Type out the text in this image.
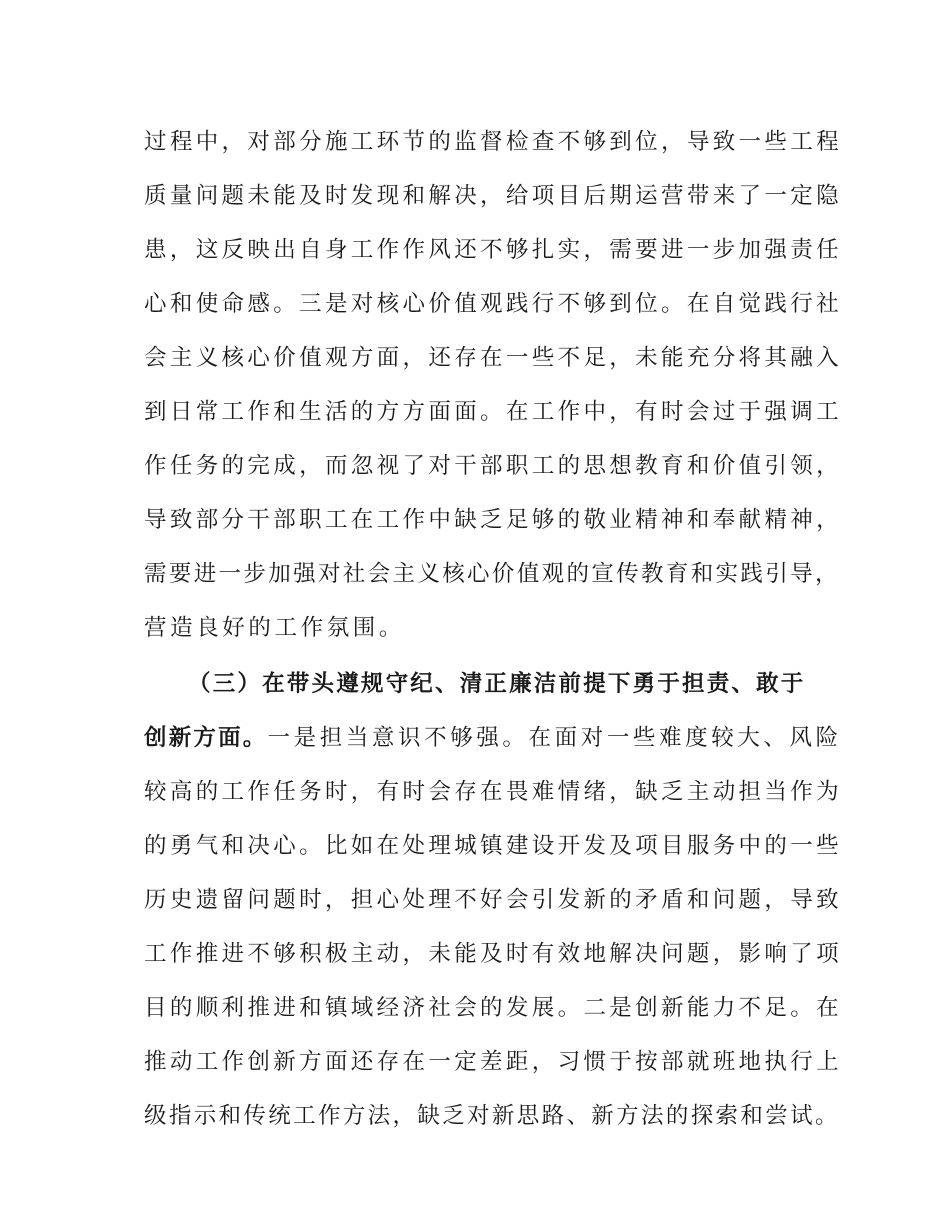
过程中，对部分施工环节的监督检查不够到位，导致一些工程
质量问题未能及时发现和解决，给项目后期运营带来了一定隐
患，这反映出自身工作作风还不够扎实，需要进一步加强责任
心和使命感。三是对核心价值观践行不够到位。在自觉践行社
会主义核心价值观方面，还存在一些不足，未能充分将其融入
到日常工作和生活的方方面面。在工作中，有时会过于强调工
作任务的完成，而忽视了对干部职工的思想教育和价值引领，
导致部分干部职工在工作中缺乏足够的敬业精神和奉献精神，
需要进一步加强对社会主义核心价值观的宣传教育和实践引导，
营造良好的工作氛围。
（三）在带头遵规守纪、清正廉洁前提下勇于担责、敢于
创新方面。一是担当意识不够强。在面对一些难度较大、风险
较高的工作任务时，有时会存在畏难情绪，缺乏主动担当作为
的勇气和决心。比如在处理城镇建设开发及项目服务中的一些
历史遗留问题时，担心处理不好会引发新的矛盾和问题，导致
工作推进不够积极主动，未能及时有效地解决问题，影响了项
目的顺利推进和镇域经济社会的发展。二是创新能力不足。在
推动工作创新方面还存在一定差距，习惯于按部就班地执行上
级指示和传统工作方法，缺乏对新思路、新方法的探索和尝试。
